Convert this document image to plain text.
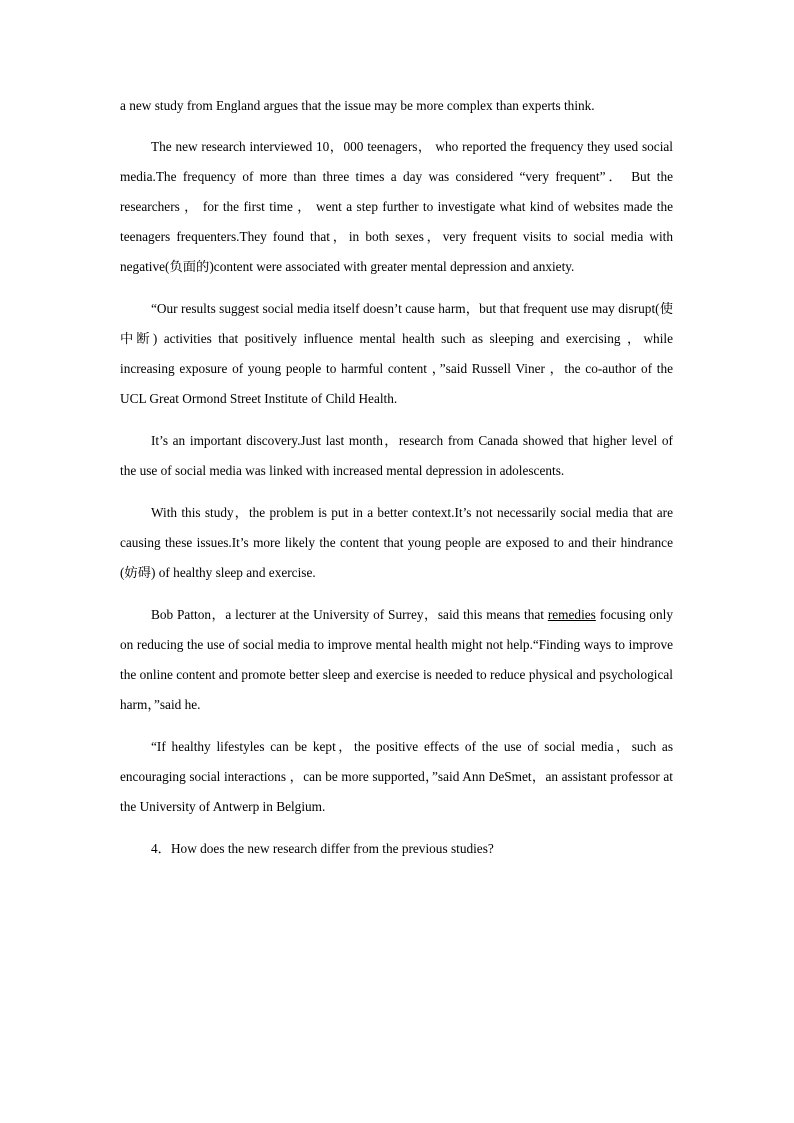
a new study from England argues that the issue may be more complex than experts think.

The new research interviewed 10，000 teenagers， who reported the frequency they used social media.The frequency of more than three times a day was considered “very frequent”． But the researchers ， for the first time ， went a step further to investigate what kind of websites made the teenagers frequenters.They found that，in both sexes，very frequent visits to social media with negative(负面的)content were associated with greater mental depression and anxiety.

“Our results suggest social media itself doesn’t cause harm，but that frequent use may disrupt(使中断) activities that positively influence mental health such as sleeping and exercising ，while increasing exposure of young people to harmful content ，”said Russell Viner ，the co-author of the UCL Great Ormond Street Institute of Child Health.

It’s an important discovery.Just last month，research from Canada showed that higher level of the use of social media was linked with increased mental depression in adolescents.

With this study，the problem is put in a better context.It’s not necessarily social media that are causing these issues.It’s more likely the content that young people are exposed to and their hindrance (妨碍) of healthy sleep and exercise.

Bob Patton，a lecturer at the University of Surrey，said this means that remedies focusing only on reducing the use of social media to improve mental health might not help.“Finding ways to improve the online content and promote better sleep and exercise is needed to reduce physical and psychological harm，”said he.

“If healthy lifestyles can be kept，the positive effects of the use of social media，such as encouraging social interactions ，can be more supported，”said Ann DeSmet，an assistant professor at the University of Antwerp in Belgium.

4．How does the new research differ from the previous studies?
